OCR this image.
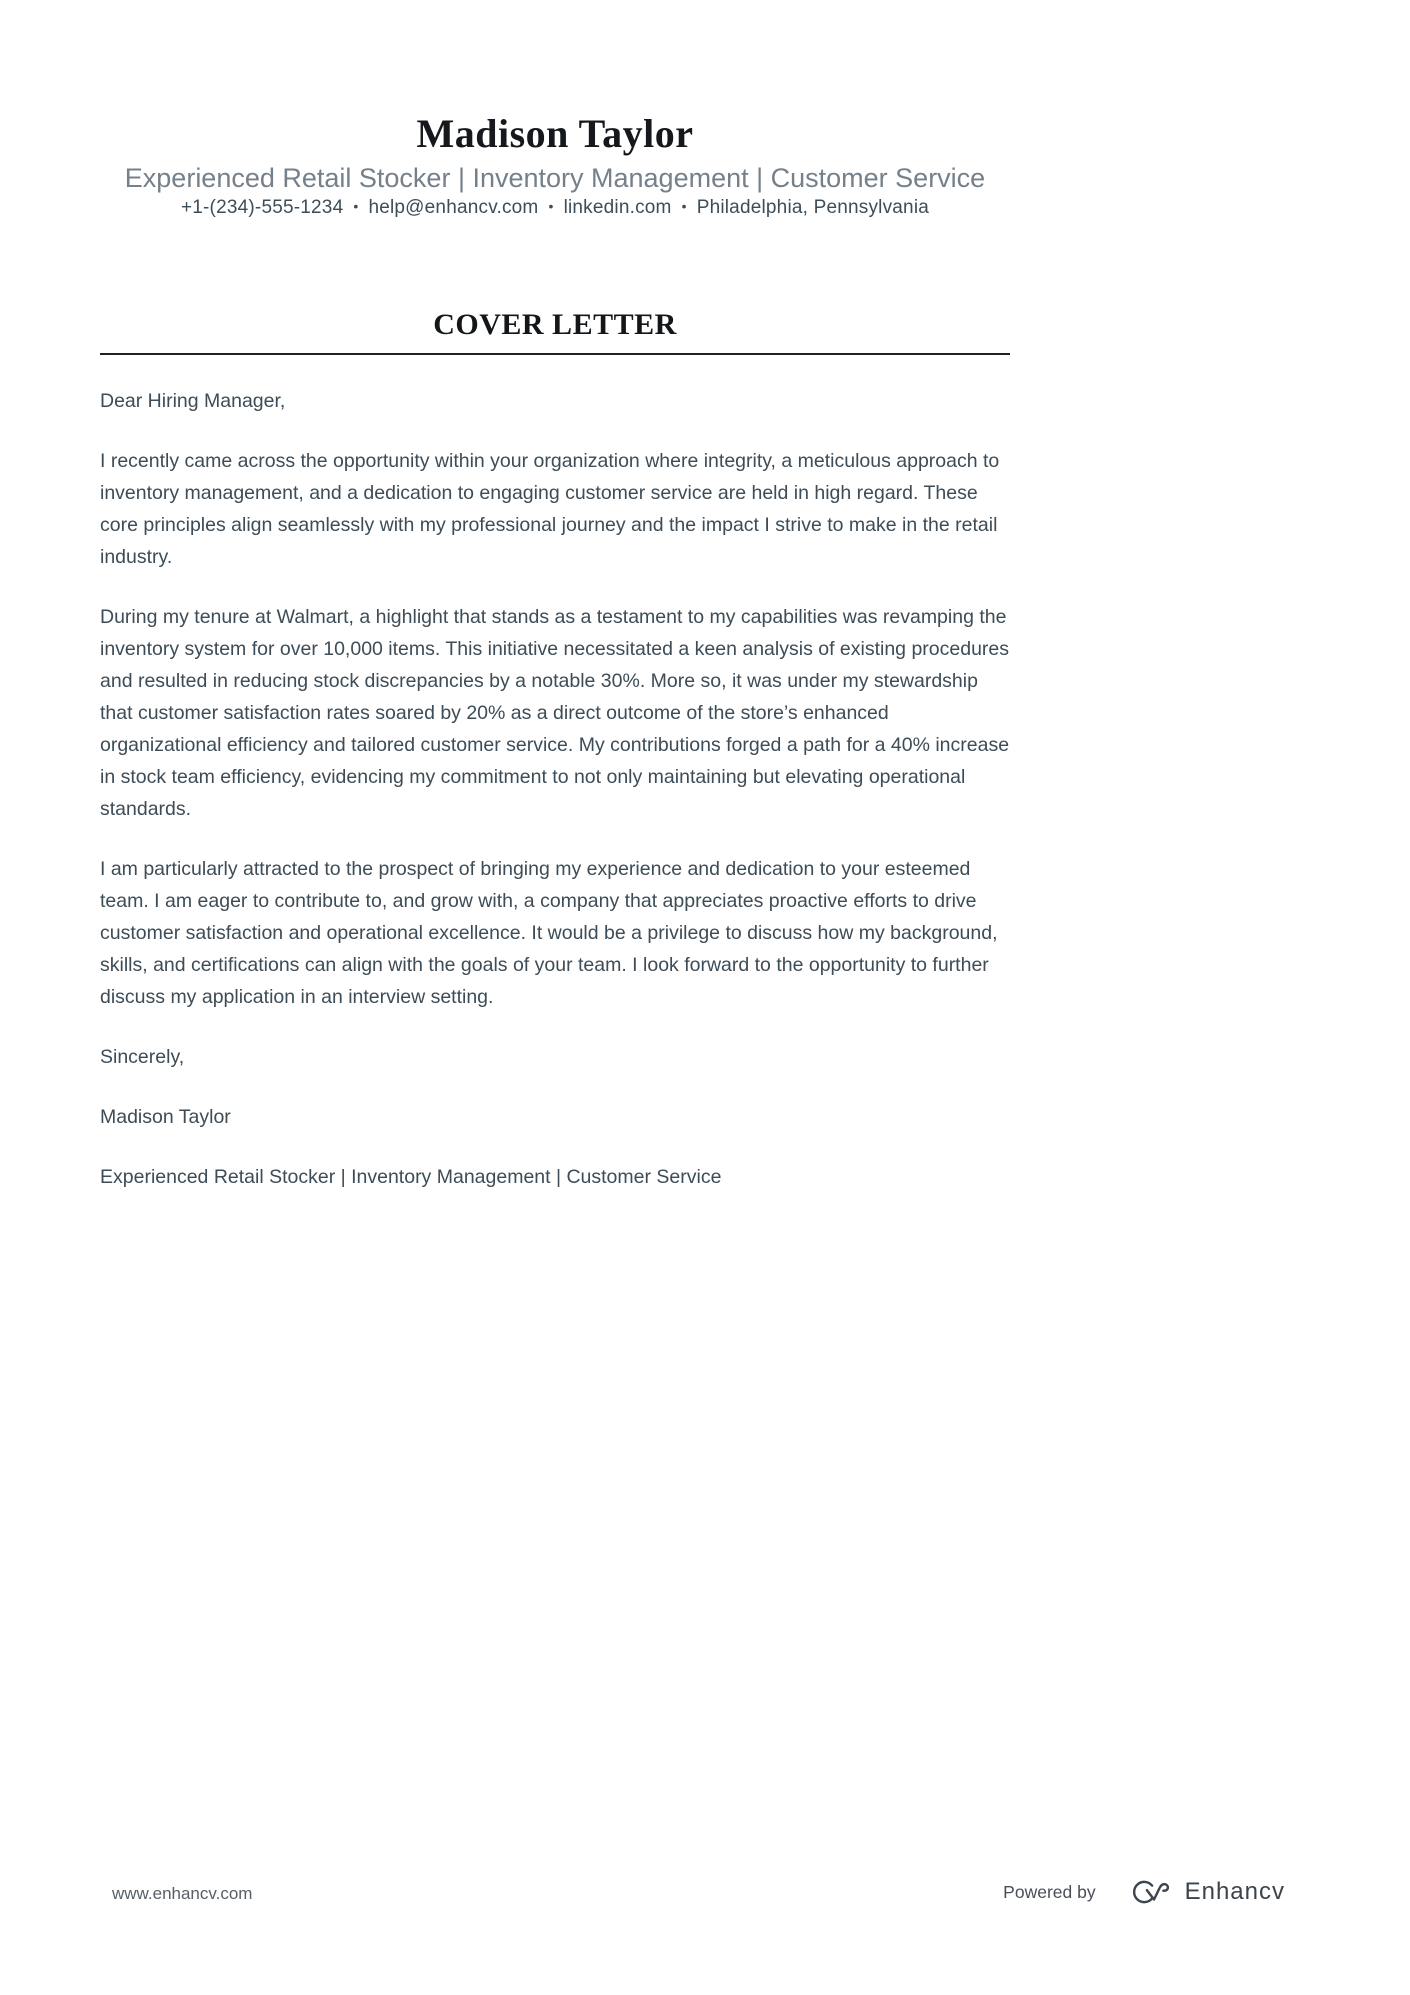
Madison Taylor
Experienced Retail Stocker | Inventory Management | Customer Service
+1-(234)-555-1234 • help@enhancv.com • linkedin.com • Philadelphia, Pennsylvania
COVER LETTER

Dear Hiring Manager,

I recently came across the opportunity within your organization where integrity, a meticulous approach to inventory management, and a dedication to engaging customer service are held in high regard. These core principles align seamlessly with my professional journey and the impact I strive to make in the retail industry.

During my tenure at Walmart, a highlight that stands as a testament to my capabilities was revamping the inventory system for over 10,000 items. This initiative necessitated a keen analysis of existing procedures and resulted in reducing stock discrepancies by a notable 30%. More so, it was under my stewardship that customer satisfaction rates soared by 20% as a direct outcome of the store’s enhanced organizational efficiency and tailored customer service. My contributions forged a path for a 40% increase in stock team efficiency, evidencing my commitment to not only maintaining but elevating operational standards.

I am particularly attracted to the prospect of bringing my experience and dedication to your esteemed team. I am eager to contribute to, and grow with, a company that appreciates proactive efforts to drive customer satisfaction and operational excellence. It would be a privilege to discuss how my background, skills, and certifications can align with the goals of your team. I look forward to the opportunity to further discuss my application in an interview setting.

Sincerely,

Madison Taylor

Experienced Retail Stocker | Inventory Management | Customer Service

www.enhancv.com	Powered by	Enhancv
